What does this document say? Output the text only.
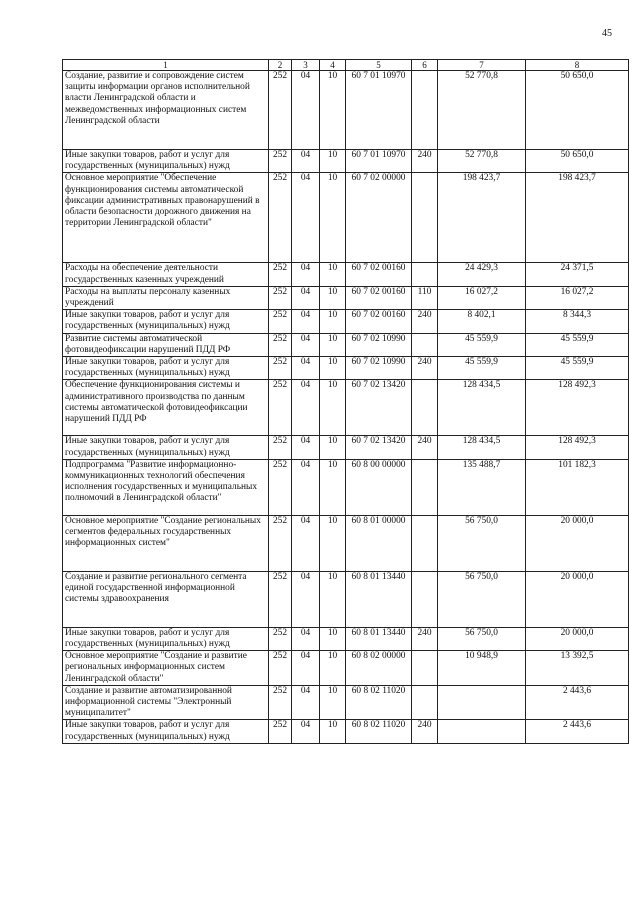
45
1	2	3	4	5	6	7	8
Создание, развитие и сопровождение систем защиты информации органов исполнительной власти Ленинградской области и межведомственных информационных систем Ленинградской области	252	04	10	60 7 01 10970		52 770,8	50 650,0
Иные закупки товаров, работ и услуг для государственных (муниципальных) нужд	252	04	10	60 7 01 10970	240	52 770,8	50 650,0
Основное мероприятие "Обеспечение функционирования системы автоматической фиксации административных правонарушений в области безопасности дорожного движения на территории Ленинградской области"	252	04	10	60 7 02 00000		198 423,7	198 423,7
Расходы на обеспечение деятельности государственных казенных учреждений	252	04	10	60 7 02 00160		24 429,3	24 371,5
Расходы на выплаты персоналу казенных учреждений	252	04	10	60 7 02 00160	110	16 027,2	16 027,2
Иные закупки товаров, работ и услуг для государственных (муниципальных) нужд	252	04	10	60 7 02 00160	240	8 402,1	8 344,3
Развитие системы автоматической фотовидеофиксации нарушений ПДД РФ	252	04	10	60 7 02 10990		45 559,9	45 559,9
Иные закупки товаров, работ и услуг для государственных (муниципальных) нужд	252	04	10	60 7 02 10990	240	45 559,9	45 559,9
Обеспечение функционирования системы и административного производства по данным системы автоматической фотовидеофиксации нарушений ПДД РФ	252	04	10	60 7 02 13420		128 434,5	128 492,3
Иные закупки товаров, работ и услуг для государственных (муниципальных) нужд	252	04	10	60 7 02 13420	240	128 434,5	128 492,3
Подпрограмма "Развитие информационно-коммуникационных технологий обеспечения исполнения государственных и муниципальных полномочий в Ленинградской области"	252	04	10	60 8 00 00000		135 488,7	101 182,3
Основное мероприятие "Создание региональных сегментов федеральных государственных информационных систем"	252	04	10	60 8 01 00000		56 750,0	20 000,0
Создание и развитие регионального сегмента единой государственной информационной системы здравоохранения	252	04	10	60 8 01 13440		56 750,0	20 000,0
Иные закупки товаров, работ и услуг для государственных (муниципальных) нужд	252	04	10	60 8 01 13440	240	56 750,0	20 000,0
Основное мероприятие "Создание и развитие региональных информационных систем Ленинградской области"	252	04	10	60 8 02 00000		10 948,9	13 392,5
Создание и развитие автоматизированной информационной системы "Электронный муниципалитет"	252	04	10	60 8 02 11020			2 443,6
Иные закупки товаров, работ и услуг для государственных (муниципальных) нужд	252	04	10	60 8 02 11020	240		2 443,6
